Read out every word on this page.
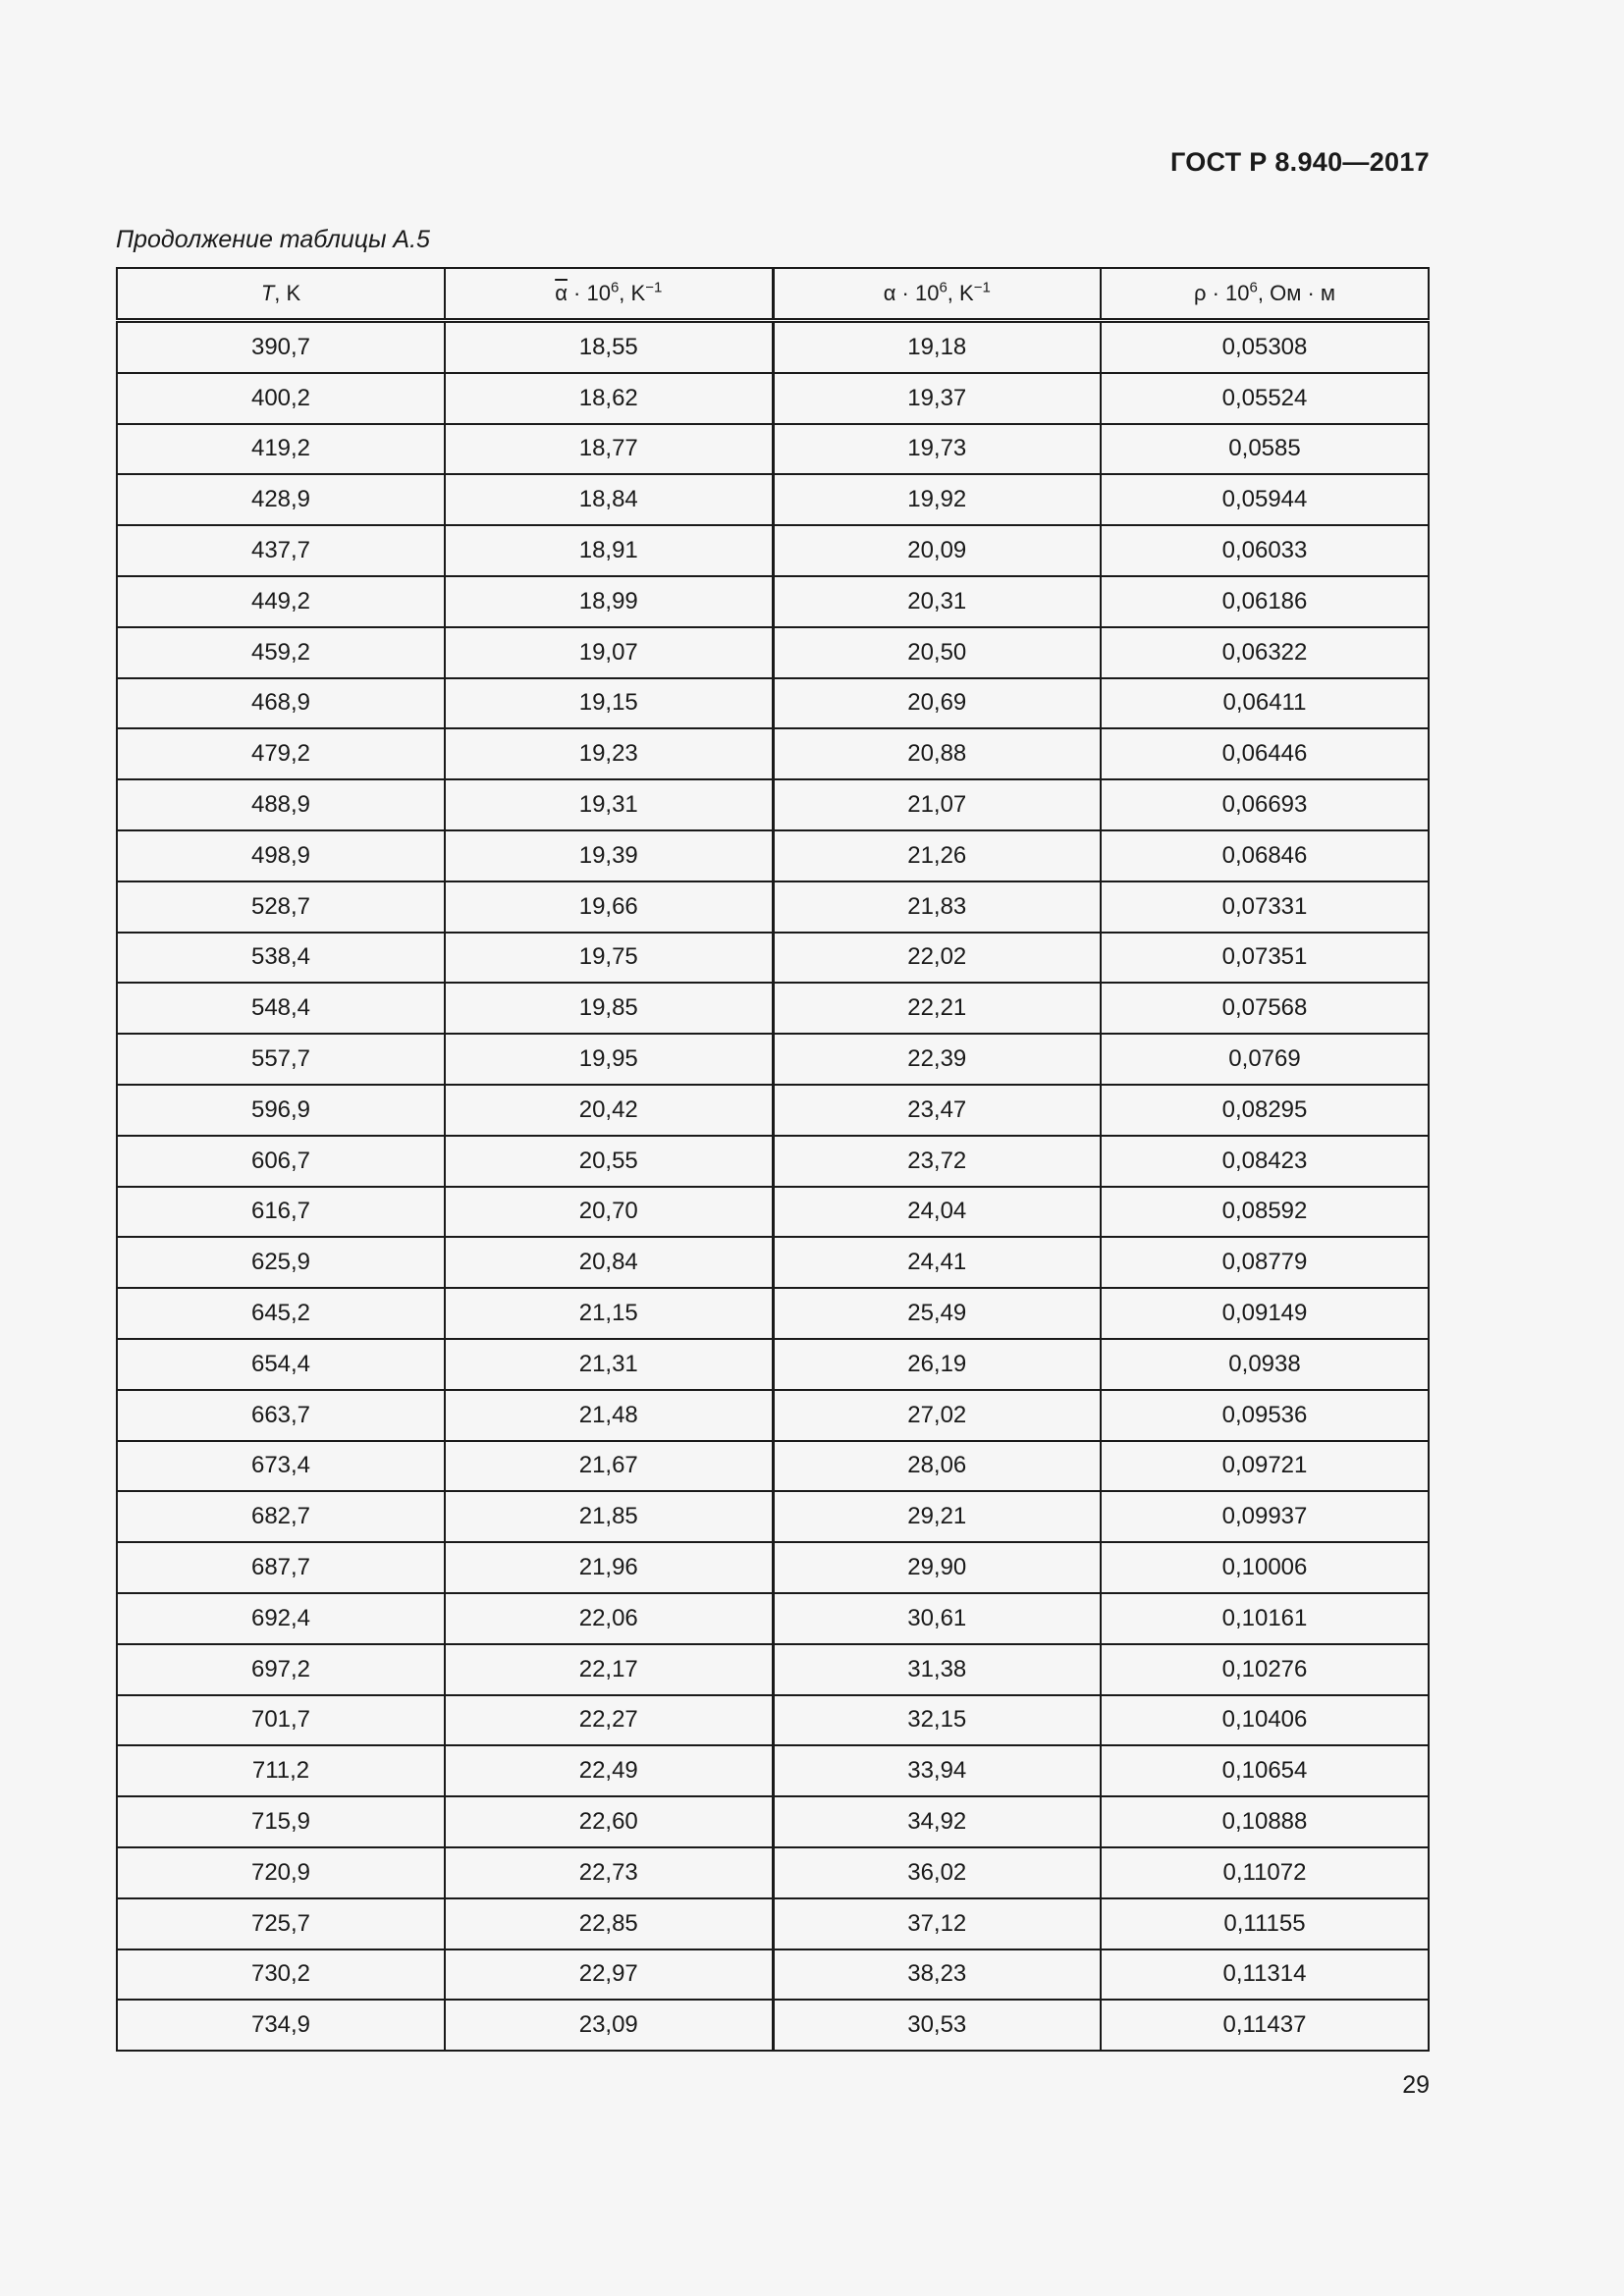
ГОСТ Р 8.940—2017
Продолжение таблицы А.5
T, K	$\overline{\alpha} \cdot 10^6$, $K^{-1}$	$\alpha \cdot 10^6$, $K^{-1}$	$\rho \cdot 10^6$, Ом · м
390,7	18,55	19,18	0,05308
400,2	18,62	19,37	0,05524
419,2	18,77	19,73	0,0585
428,9	18,84	19,92	0,05944
437,7	18,91	20,09	0,06033
449,2	18,99	20,31	0,06186
459,2	19,07	20,50	0,06322
468,9	19,15	20,69	0,06411
479,2	19,23	20,88	0,06446
488,9	19,31	21,07	0,06693
498,9	19,39	21,26	0,06846
528,7	19,66	21,83	0,07331
538,4	19,75	22,02	0,07351
548,4	19,85	22,21	0,07568
557,7	19,95	22,39	0,0769
596,9	20,42	23,47	0,08295
606,7	20,55	23,72	0,08423
616,7	20,70	24,04	0,08592
625,9	20,84	24,41	0,08779
645,2	21,15	25,49	0,09149
654,4	21,31	26,19	0,0938
663,7	21,48	27,02	0,09536
673,4	21,67	28,06	0,09721
682,7	21,85	29,21	0,09937
687,7	21,96	29,90	0,10006
692,4	22,06	30,61	0,10161
697,2	22,17	31,38	0,10276
701,7	22,27	32,15	0,10406
711,2	22,49	33,94	0,10654
715,9	22,60	34,92	0,10888
720,9	22,73	36,02	0,11072
725,7	22,85	37,12	0,11155
730,2	22,97	38,23	0,11314
734,9	23,09	30,53	0,11437
29
